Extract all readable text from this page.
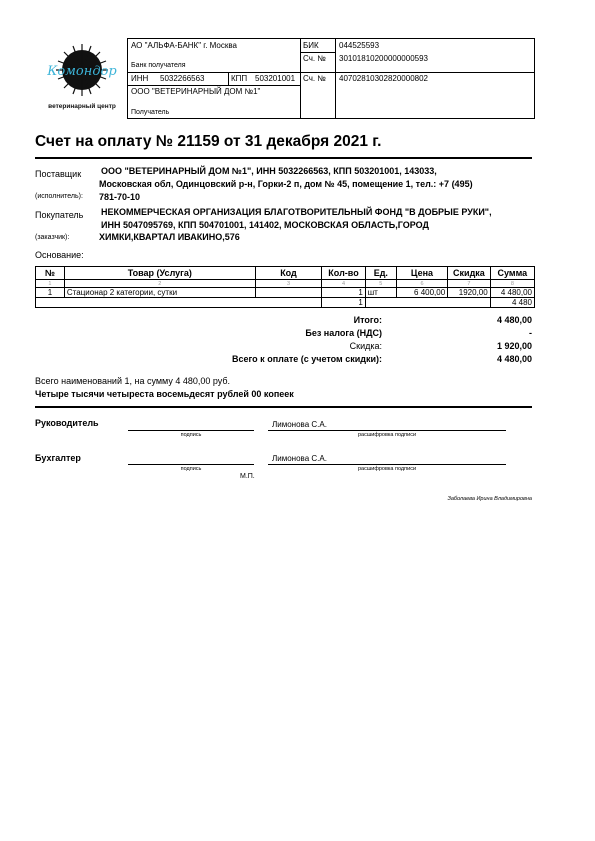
Комондор
ветеринарный центр
АО "АЛЬФА-БАНК" г. Москва
Банк получателя
БИК	044525593
Сч. № 30101810200000000593
ИНН 5032266563	КПП 503201001 Сч. № 40702810302820000802
ООО "ВЕТЕРИНАРНЫЙ ДОМ №1"
Получатель
Счет на оплату № 21159 от 31 декабря 2021 г.
Поставщик
(исполнитель):
ООО "ВЕТЕРИНАРНЫЙ ДОМ №1", ИНН 5032266563, КПП 503201001, 143033,
Московская обл, Одинцовский р-н, Горки-2 п, дом № 45, помещение 1, тел.: +7 (495)
781-70-10
Покупатель
(заказчик):
НЕКОММЕРЧЕСКАЯ ОРГАНИЗАЦИЯ БЛАГОТВОРИТЕЛЬНЫЙ ФОНД "В ДОБРЫЕ РУКИ",
ИНН 5047095769, КПП 504701001, 141402, МОСКОВСКАЯ ОБЛАСТЬ,ГОРОД
ХИМКИ,КВАРТАЛ ИВАКИНО,576
Основание:
№	Товар (Услуга)	Код	Кол-во	Ед.	Цена	Скидка	Сумма
1	2	3	4	5	6	7	8
1	Стационар 2 категории, сутки		1	шт	6 400,00	1920,00	4 480,00
			1				4 480
Итого:	4 480,00
Без налога (НДС)	-
Скидка:	1 920,00
Всего к оплате (с учетом скидки):	4 480,00
Всего наименований 1, на сумму 4 480,00 руб.
Четыре тысячи четыреста восемьдесят рублей 00 копеек
Руководитель
подпись
Лимонова С.А.
расшифровка подписи
Бухгалтер
подпись
Лимонова С.А.
расшифровка подписи
М.П.
Заболаева Ирина Владимировна
